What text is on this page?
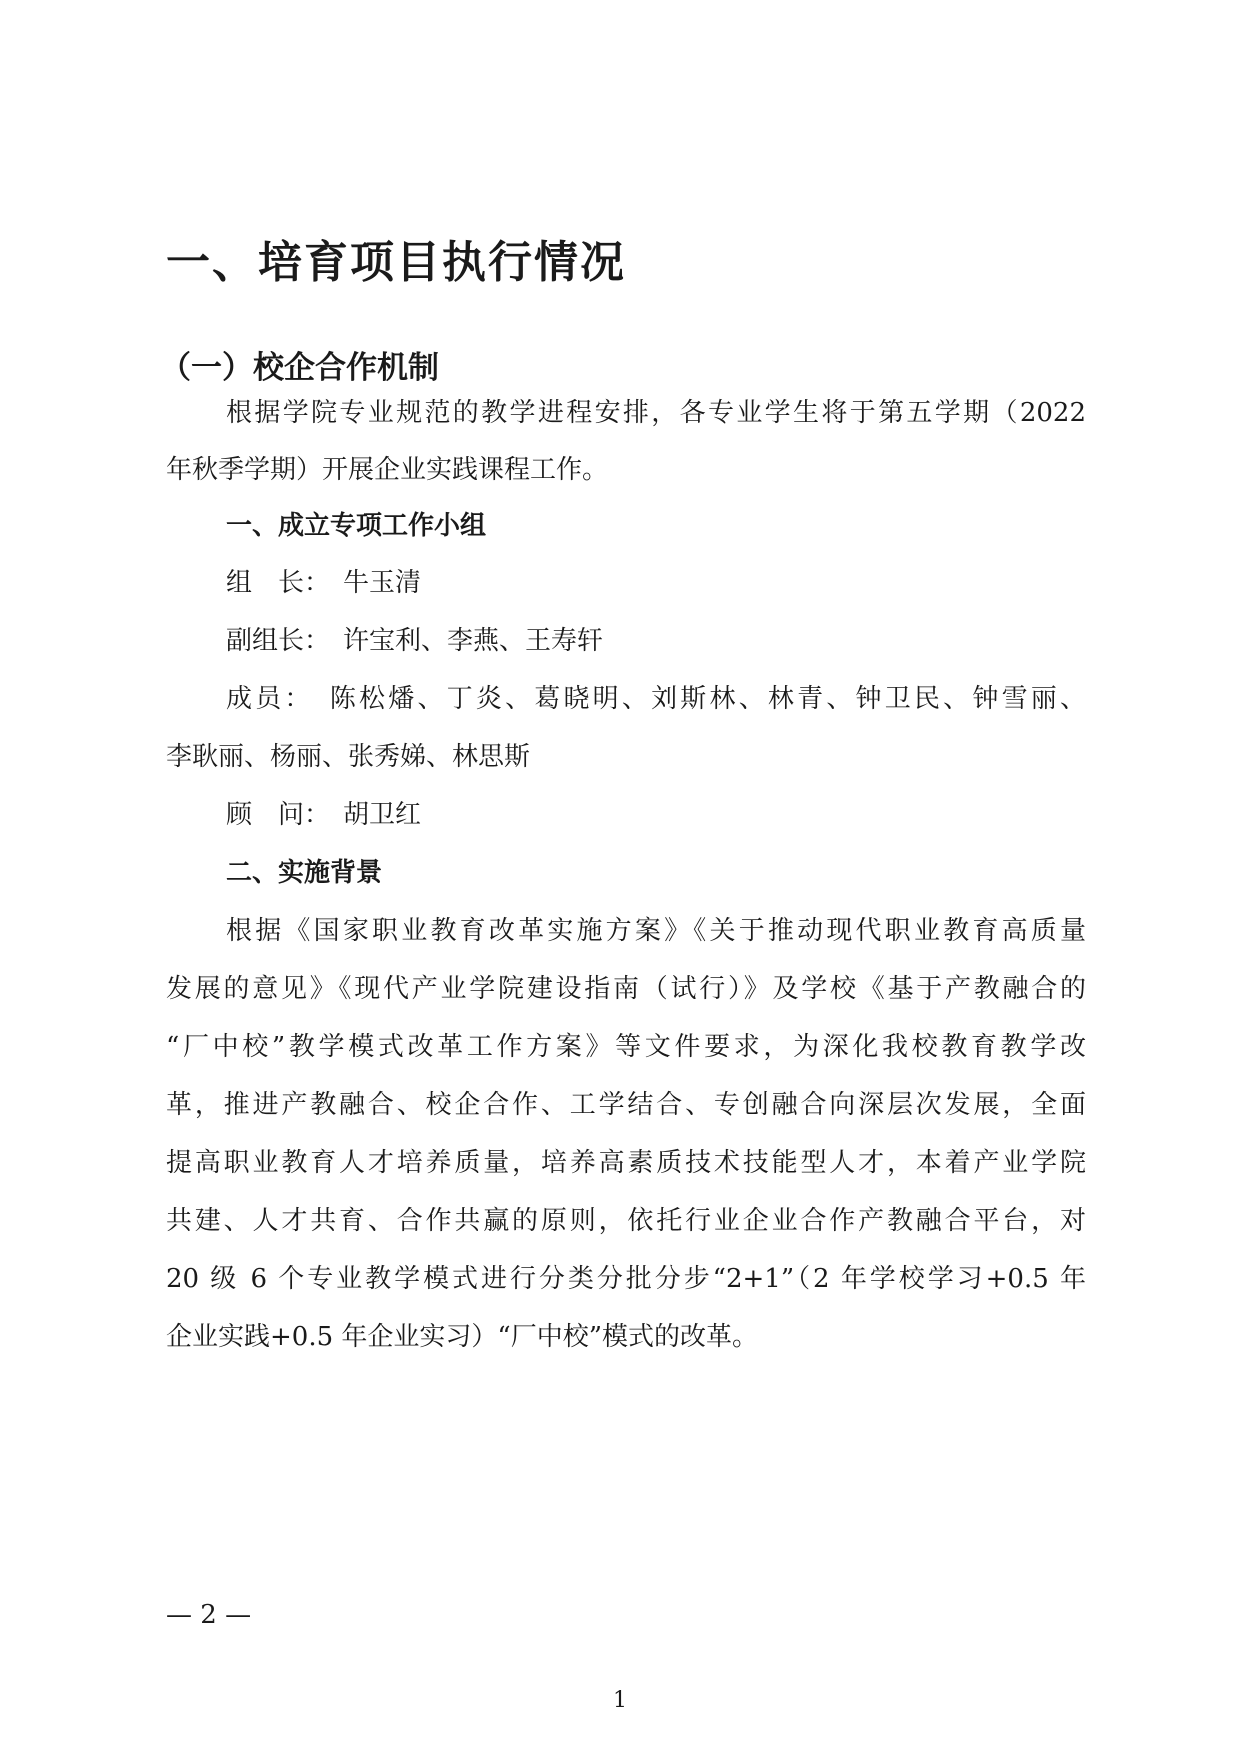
一、培育项目执行情况
（一）校企合作机制

根据学院专业规范的教学进程安排，各专业学生将于第五学期（2022

年秋季学期）开展企业实践课程工作。

一、成立专项工作小组

组　长：　牛玉清

副组长：　许宝利、李燕、王寿轩

成员：　陈松燔、丁炎、葛晓明、刘斯林、林青、钟卫民、钟雪丽、

李耿丽、杨丽、张秀娣、林思斯

顾　问：　胡卫红

二、实施背景

根据《国家职业教育改革实施方案》《关于推动现代职业教育高质量

发展的意见》《现代产业学院建设指南（试行）》及学校《基于产教融合的

“厂中校”教学模式改革工作方案》等文件要求，为深化我校教育教学改

革，推进产教融合、校企合作、工学结合、专创融合向深层次发展，全面

提高职业教育人才培养质量，培养高素质技术技能型人才，本着产业学院

共建、人才共育、合作共赢的原则，依托行业企业合作产教融合平台，对

20 级 6 个专业教学模式进行分类分批分步“2+1”（2 年学校学习+0.5 年

企业实践+0.5 年企业实习）“厂中校”模式的改革。

— 2 —
1
